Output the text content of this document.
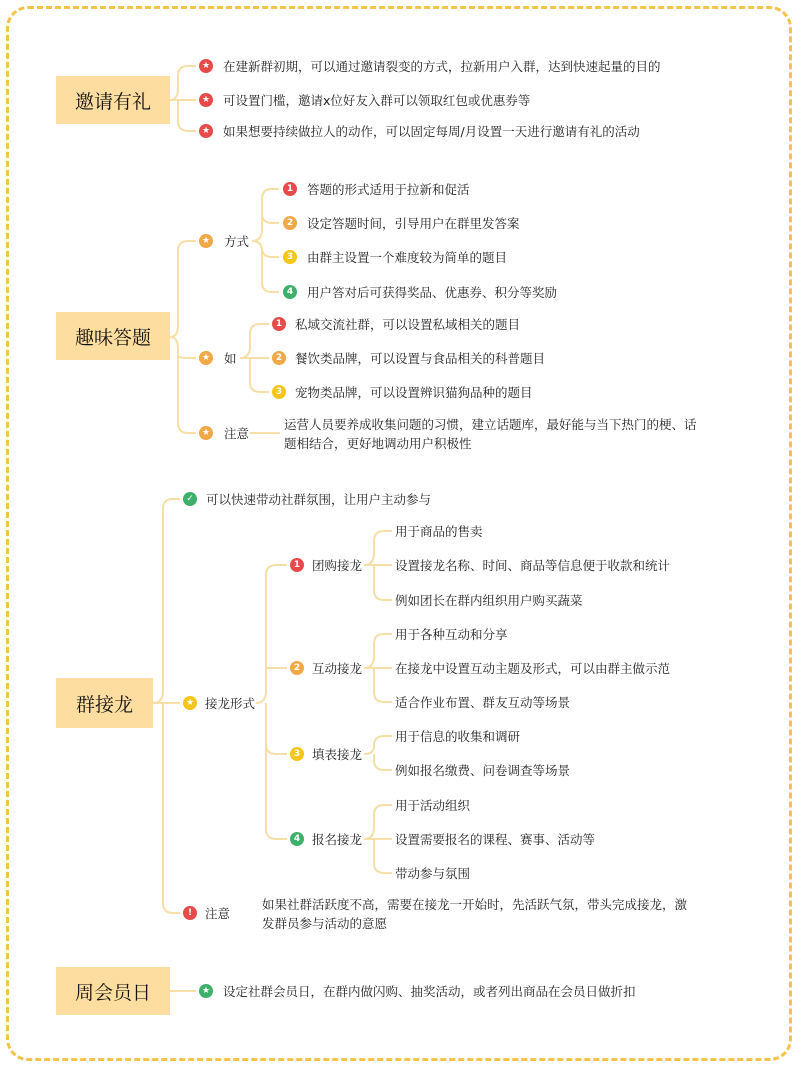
邀请有礼
★ 在建新群初期，可以通过邀请裂变的方式，拉新用户入群，达到快速起量的目的
★ 可设置门槛，邀请x位好友入群可以领取红包或优惠券等
★ 如果想要持续做拉人的动作，可以固定每周/月设置一天进行邀请有礼的活动
趣味答题
★ 方式
1	答题的形式适用于拉新和促活
2	设定答题时间，引导用户在群里发答案
3	由群主设置一个难度较为简单的题目
4	用户答对后可获得奖品、优惠券、积分等奖励
★ 如
1	私域交流社群，可以设置私域相关的题目
2	餐饮类品牌，可以设置与食品相关的科普题目
3	宠物类品牌，可以设置辨识猫狗品种的题目
★ 注意
运营人员要养成收集问题的习惯，建立话题库，最好能与当下热门的梗、话题相结合，更好地调动用户积极性
群接龙
✓ 可以快速带动社群氛围，让用户主动参与
★ 接龙形式
1 团购接龙
用于商品的售卖
设置接龙名称、时间、商品等信息便于收款和统计
例如团长在群内组织用户购买蔬菜
2 互动接龙
用于各种互动和分享
在接龙中设置互动主题及形式，可以由群主做示范
适合作业布置、群友互动等场景
3 填表接龙
用于信息的收集和调研
例如报名缴费、问卷调查等场景
4 报名接龙
用于活动组织
设置需要报名的课程、赛事、活动等
带动参与氛围
!	注意
如果社群活跃度不高，需要在接龙一开始时，先活跃气氛，带头完成接龙，激发群员参与活动的意愿
周会员日	★ 设定社群会员日，在群内做闪购、抽奖活动，或者列出商品在会员日做折扣
